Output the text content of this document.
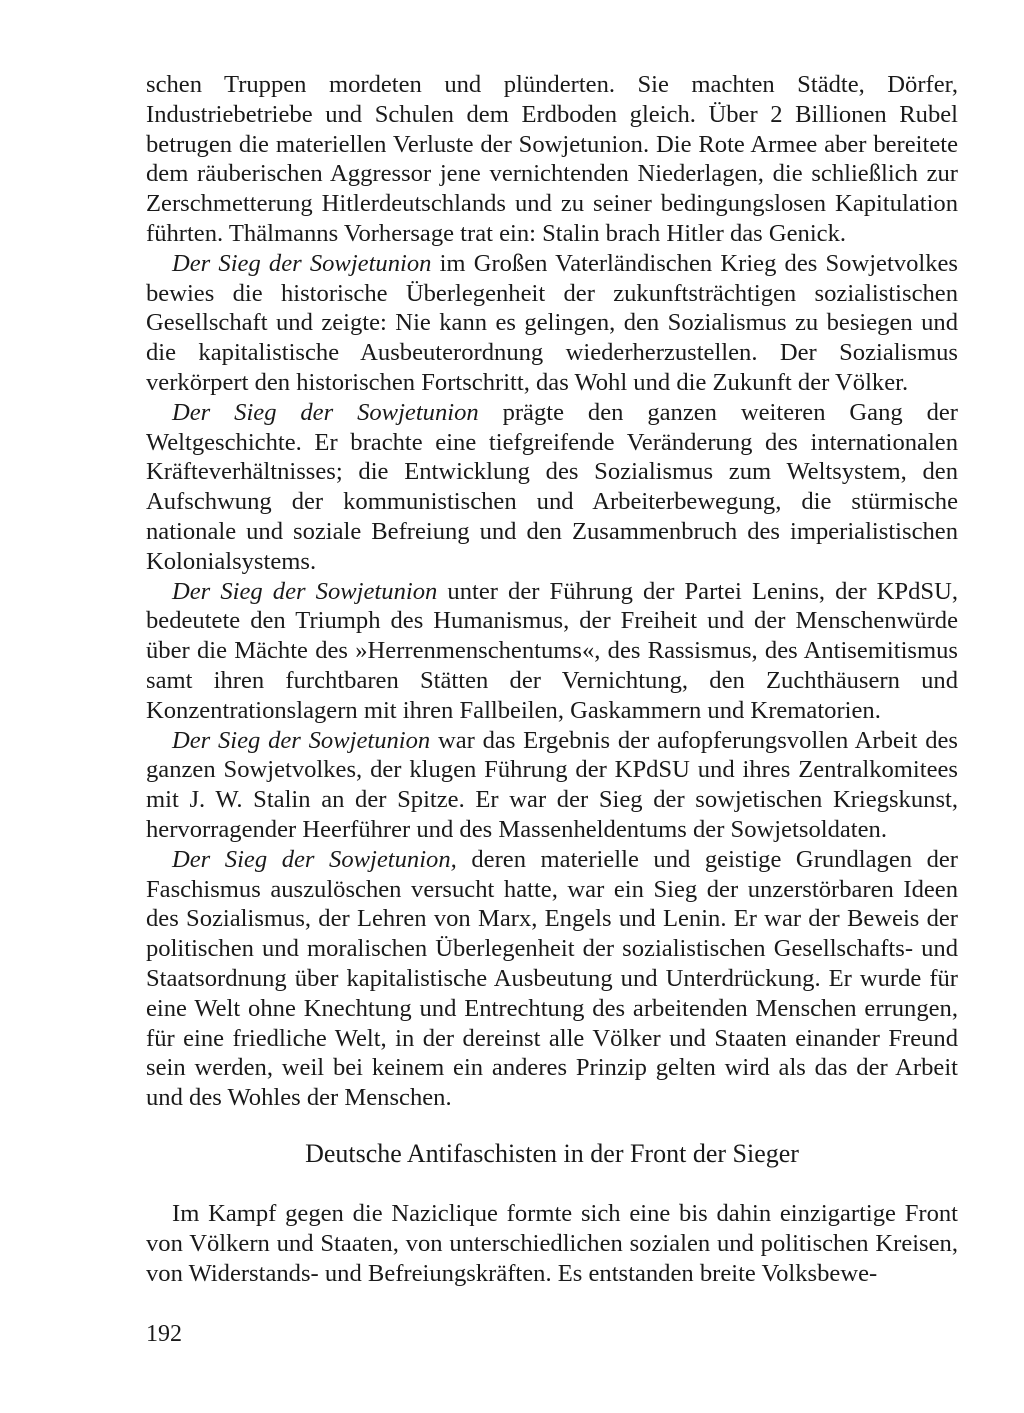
schen Truppen mordeten und plünderten. Sie machten Städte, Dörfer, Industriebetriebe und Schulen dem Erdboden gleich. Über 2 Billionen Rubel betrugen die materiellen Verluste der Sowjetunion. Die Rote Armee aber bereitete dem räuberischen Aggressor jene vernichtenden Niederlagen, die schließlich zur Zerschmetterung Hitlerdeutschlands und zu seiner bedingungslosen Kapitulation führten. Thälmanns Vorhersage trat ein: Stalin brach Hitler das Genick.

Der Sieg der Sowjetunion im Großen Vaterländischen Krieg des Sowjetvolkes bewies die historische Überlegenheit der zukunftsträchtigen sozialistischen Gesellschaft und zeigte: Nie kann es gelingen, den Sozialismus zu besiegen und die kapitalistische Ausbeuterordnung wiederherzustellen. Der Sozialismus verkörpert den historischen Fortschritt, das Wohl und die Zukunft der Völker.

Der Sieg der Sowjetunion prägte den ganzen weiteren Gang der Weltgeschichte. Er brachte eine tiefgreifende Veränderung des internationalen Kräfteverhältnisses; die Entwicklung des Sozialismus zum Weltsystem, den Aufschwung der kommunistischen und Arbeiterbewegung, die stürmische nationale und soziale Befreiung und den Zusammenbruch des imperialistischen Kolonialsystems.

Der Sieg der Sowjetunion unter der Führung der Partei Lenins, der KPdSU, bedeutete den Triumph des Humanismus, der Freiheit und der Menschenwürde über die Mächte des »Herrenmenschentums«, des Rassismus, des Antisemitismus samt ihren furchtbaren Stätten der Vernichtung, den Zuchthäusern und Konzentrationslagern mit ihren Fallbeilen, Gaskammern und Krematorien.

Der Sieg der Sowjetunion war das Ergebnis der aufopferungsvollen Arbeit des ganzen Sowjetvolkes, der klugen Führung der KPdSU und ihres Zentralkomitees mit J. W. Stalin an der Spitze. Er war der Sieg der sowjetischen Kriegskunst, hervorragender Heerführer und des Massenheldentums der Sowjetsoldaten.

Der Sieg der Sowjetunion, deren materielle und geistige Grundlagen der Faschismus auszulöschen versucht hatte, war ein Sieg der unzerstörbaren Ideen des Sozialismus, der Lehren von Marx, Engels und Lenin. Er war der Beweis der politischen und moralischen Überlegenheit der sozialistischen Gesellschafts- und Staatsordnung über kapitalistische Ausbeutung und Unterdrückung. Er wurde für eine Welt ohne Knechtung und Entrechtung des arbeitenden Menschen errungen, für eine friedliche Welt, in der dereinst alle Völker und Staaten einander Freund sein werden, weil bei keinem ein anderes Prinzip gelten wird als das der Arbeit und des Wohles der Menschen.

Deutsche Antifaschisten in der Front der Sieger

Im Kampf gegen die Naziclique formte sich eine bis dahin einzigartige Front von Völkern und Staaten, von unterschiedlichen sozialen und politischen Kreisen, von Widerstands- und Befreiungskräften. Es entstanden breite Volksbewe-

192
